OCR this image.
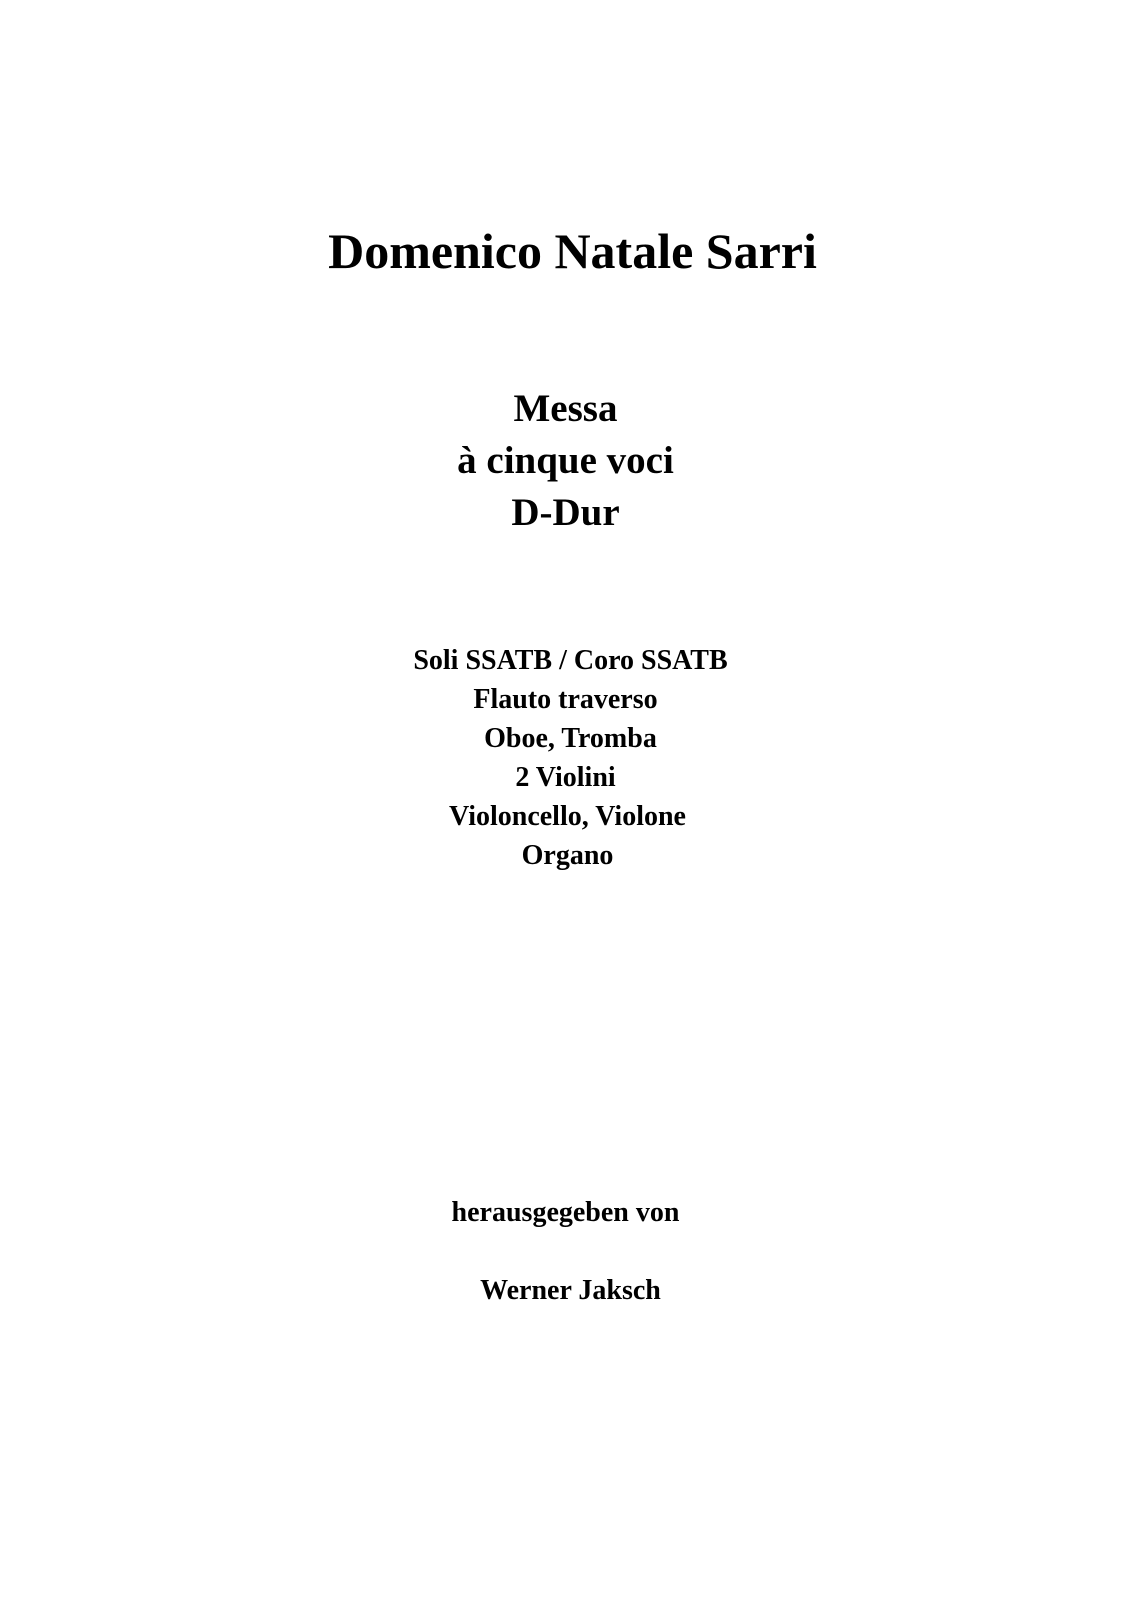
Domenico Natale Sarri
Messa
à cinque voci
D-Dur
Soli SSATB / Coro SSATB
Flauto traverso
Oboe, Tromba
2 Violini
Violoncello, Violone
Organo
herausgegeben von
Werner Jaksch
